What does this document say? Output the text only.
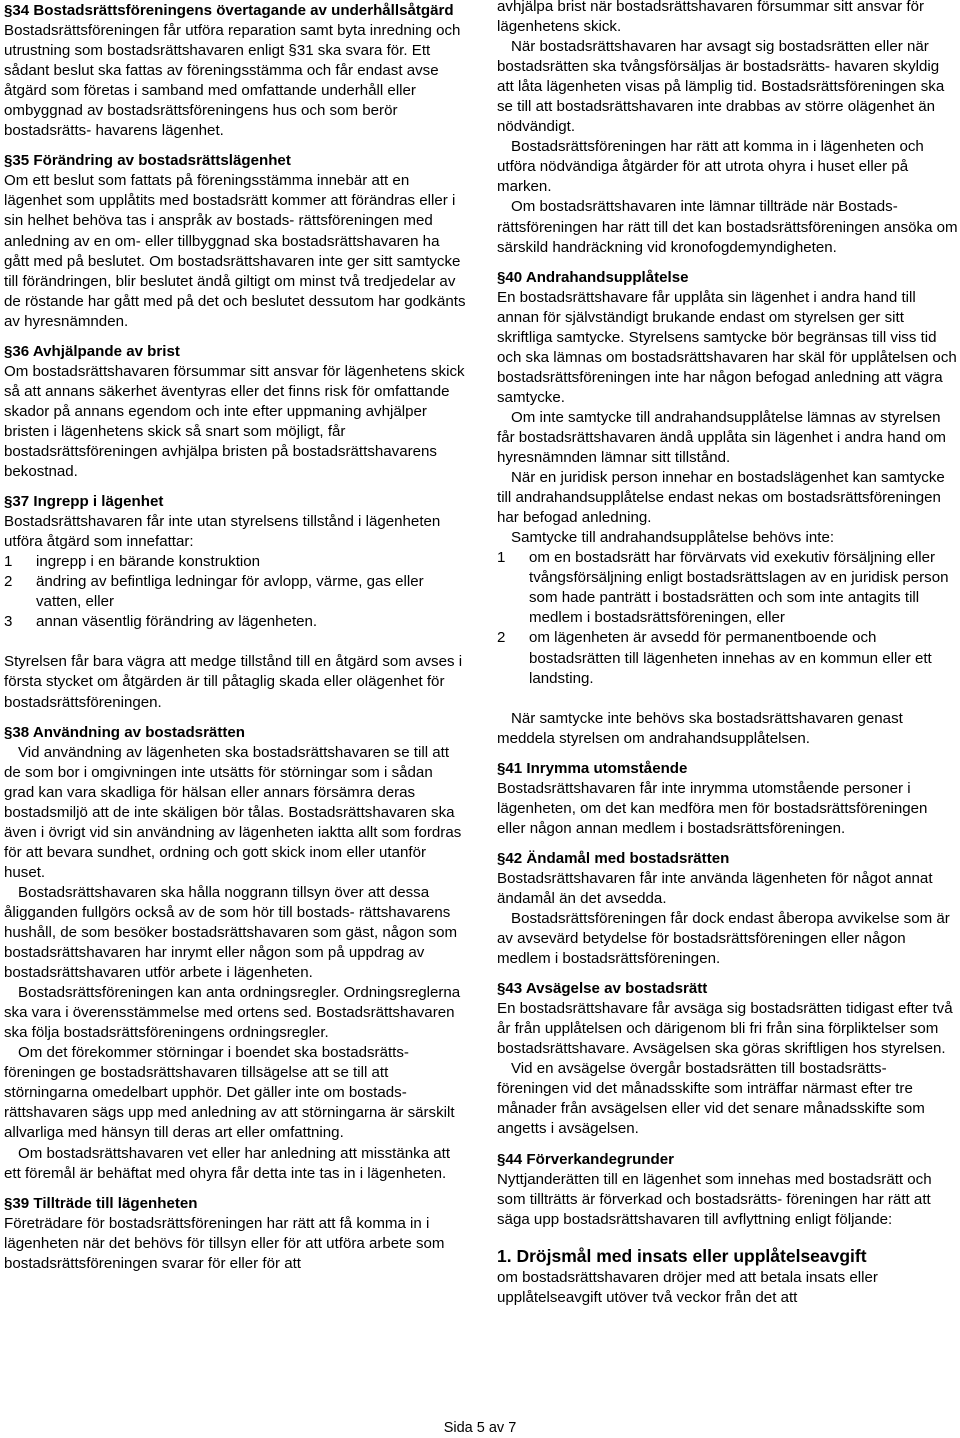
§34 Bostadsrättsföreningens övertagande av underhållsåtgärd

Bostadsrättsföreningen får utföra reparation samt byta inredning och utrustning som bostadsrättshavaren enligt §31 ska svara för. Ett sådant beslut ska fattas av föreningsstämma och får endast avse åtgärd som företas i samband med omfattande underhåll eller ombyggnad av bostadsrättsföreningens hus och som berör bostadsrätts- havarens lägenhet.

§35 Förändring av bostadsrättslägenhet

Om ett beslut som fattats på föreningsstämma innebär att en lägenhet som upplåtits med bostadsrätt kommer att förändras eller i sin helhet behöva tas i anspråk av bostads- rättsföreningen med anledning av en om- eller tillbyggnad ska bostadsrättshavaren ha gått med på beslutet. Om bostadsrättshavaren inte ger sitt samtycke till förändringen, blir beslutet ändå giltigt om minst två tredjedelar av de röstande har gått med på det och beslutet dessutom har godkänts av hyresnämnden.

§36 Avhjälpande av brist

Om bostadsrättshavaren försummar sitt ansvar för lägenhetens skick så att annans säkerhet äventyras eller det finns risk för omfattande skador på annans egendom och inte efter uppmaning avhjälper bristen i lägenhetens skick så snart som möjligt, får bostadsrättsföreningen avhjälpa bristen på bostadsrättshavarens bekostnad.

§37 Ingrepp i lägenhet

Bostadsrättshavaren får inte utan styrelsens tillstånd i lägenheten utföra åtgärd som innefattar:

1	ingrepp i en bärande konstruktion
2	ändring av befintliga ledningar för avlopp, värme, gas eller vatten, eller
3	annan väsentlig förändring av lägenheten.

Styrelsen får bara vägra att medge tillstånd till en åtgärd som avses i första stycket om åtgärden är till påtaglig skada eller olägenhet för bostadsrättsföreningen.

§38 Användning av bostadsrätten

Vid användning av lägenheten ska bostadsrättshavaren se till att de som bor i omgivningen inte utsätts för störningar som i sådan grad kan vara skadliga för hälsan eller annars försämra deras bostadsmiljö att de inte skäligen bör tålas. Bostadsrättshavaren ska även i övrigt vid sin användning av lägenheten iaktta allt som fordras för att bevara sundhet, ordning och gott skick inom eller utanför huset.

Bostadsrättshavaren ska hålla noggrann tillsyn över att dessa åligganden fullgörs också av de som hör till bostads- rättshavarens hushåll, de som besöker bostadsrättshavaren som gäst, någon som bostadsrättshavaren har inrymt eller någon som på uppdrag av bostadsrättshavaren utför arbete i lägenheten.

Bostadsrättsföreningen kan anta ordningsregler. Ordningsreglerna ska vara i överensstämmelse med ortens sed. Bostadsrättshavaren ska följa bostadsrättsföreningens ordningsregler.

Om det förekommer störningar i boendet ska bostadsrätts- föreningen ge bostadsrättshavaren tillsägelse att se till att störningarna omedelbart upphör. Det gäller inte om bostads- rättshavaren sägs upp med anledning av att störningarna är särskilt allvarliga med hänsyn till deras art eller omfattning.

Om bostadsrättshavaren vet eller har anledning att misstänka att ett föremål är behäftat med ohyra får detta inte tas in i lägenheten.

§39 Tillträde till lägenheten

Företrädare för bostadsrättsföreningen har rätt att få komma in i lägenheten när det behövs för tillsyn eller för att utföra arbete som bostadsrättsföreningen svarar för eller för att

avhjälpa brist när bostadsrättshavaren försummar sitt ansvar för lägenhetens skick.

När bostadsrättshavaren har avsagt sig bostadsrätten eller när bostadsrätten ska tvångsförsäljas är bostadsrätts- havaren skyldig att låta lägenheten visas på lämplig tid. Bostadsrättsföreningen ska se till att bostadsrättshavaren inte drabbas av större olägenhet än nödvändigt.

Bostadsrättsföreningen har rätt att komma in i lägenheten och utföra nödvändiga åtgärder för att utrota ohyra i huset eller på marken.

Om bostadsrättshavaren inte lämnar tillträde när Bostads- rättsföreningen har rätt till det kan bostadsrättsföreningen ansöka om särskild handräckning vid kronofogdemyndigheten.

§40 Andrahandsupplåtelse

En bostadsrättshavare får upplåta sin lägenhet i andra hand till annan för självständigt brukande endast om styrelsen ger sitt skriftliga samtycke. Styrelsens samtycke bör begränsas till viss tid och ska lämnas om bostadsrättshavaren har skäl för upplåtelsen och bostadsrättsföreningen inte har någon befogad anledning att vägra samtycke.

Om inte samtycke till andrahandsupplåtelse lämnas av styrelsen får bostadsrättshavaren ändå upplåta sin lägenhet i andra hand om hyresnämnden lämnar sitt tillstånd.

När en juridisk person innehar en bostadslägenhet kan samtycke till andrahandsupplåtelse endast nekas om bostadsrättsföreningen har befogad anledning.

Samtycke till andrahandsupplåtelse behövs inte:

1	om en bostadsrätt har förvärvats vid exekutiv försäljning eller tvångsförsäljning enligt bostadsrättslagen av en juridisk person som hade panträtt i bostadsrätten och som inte antagits till medlem i bostadsrättsföreningen, eller
2	om lägenheten är avsedd för permanentboende och bostadsrätten till lägenheten innehas av en kommun eller ett landsting.

När samtycke inte behövs ska bostadsrättshavaren genast meddela styrelsen om andrahandsupplåtelsen.

§41 Inrymma utomstående

Bostadsrättshavaren får inte inrymma utomstående personer i lägenheten, om det kan medföra men för bostadsrättsföreningen eller någon annan medlem i bostadsrättsföreningen.

§42 Ändamål med bostadsrätten

Bostadsrättshavaren får inte använda lägenheten för något annat ändamål än det avsedda.

Bostadsrättsföreningen får dock endast åberopa avvikelse som är av avsevärd betydelse för bostadsrättsföreningen eller någon medlem i bostadsrättsföreningen.

§43 Avsägelse av bostadsrätt

En bostadsrättshavare får avsäga sig bostadsrätten tidigast efter två år från upplåtelsen och därigenom bli fri från sina förpliktelser som bostadsrättshavare. Avsägelsen ska göras skriftligen hos styrelsen.

Vid en avsägelse övergår bostadsrätten till bostadsrätts- föreningen vid det månadsskifte som inträffar närmast efter tre månader från avsägelsen eller vid det senare månadsskifte som angetts i avsägelsen.

§44 Förverkandegrunder

Nyttjanderätten till en lägenhet som innehas med bostadsrätt och som tillträtts är förverkad och bostadsrätts- föreningen har rätt att säga upp bostadsrättshavaren till avflyttning enligt följande:

1. Dröjsmål med insats eller upplåtelseavgift

om bostadsrättshavaren dröjer med att betala insats eller upplåtelseavgift utöver två veckor från det att

Sida 5 av 7
